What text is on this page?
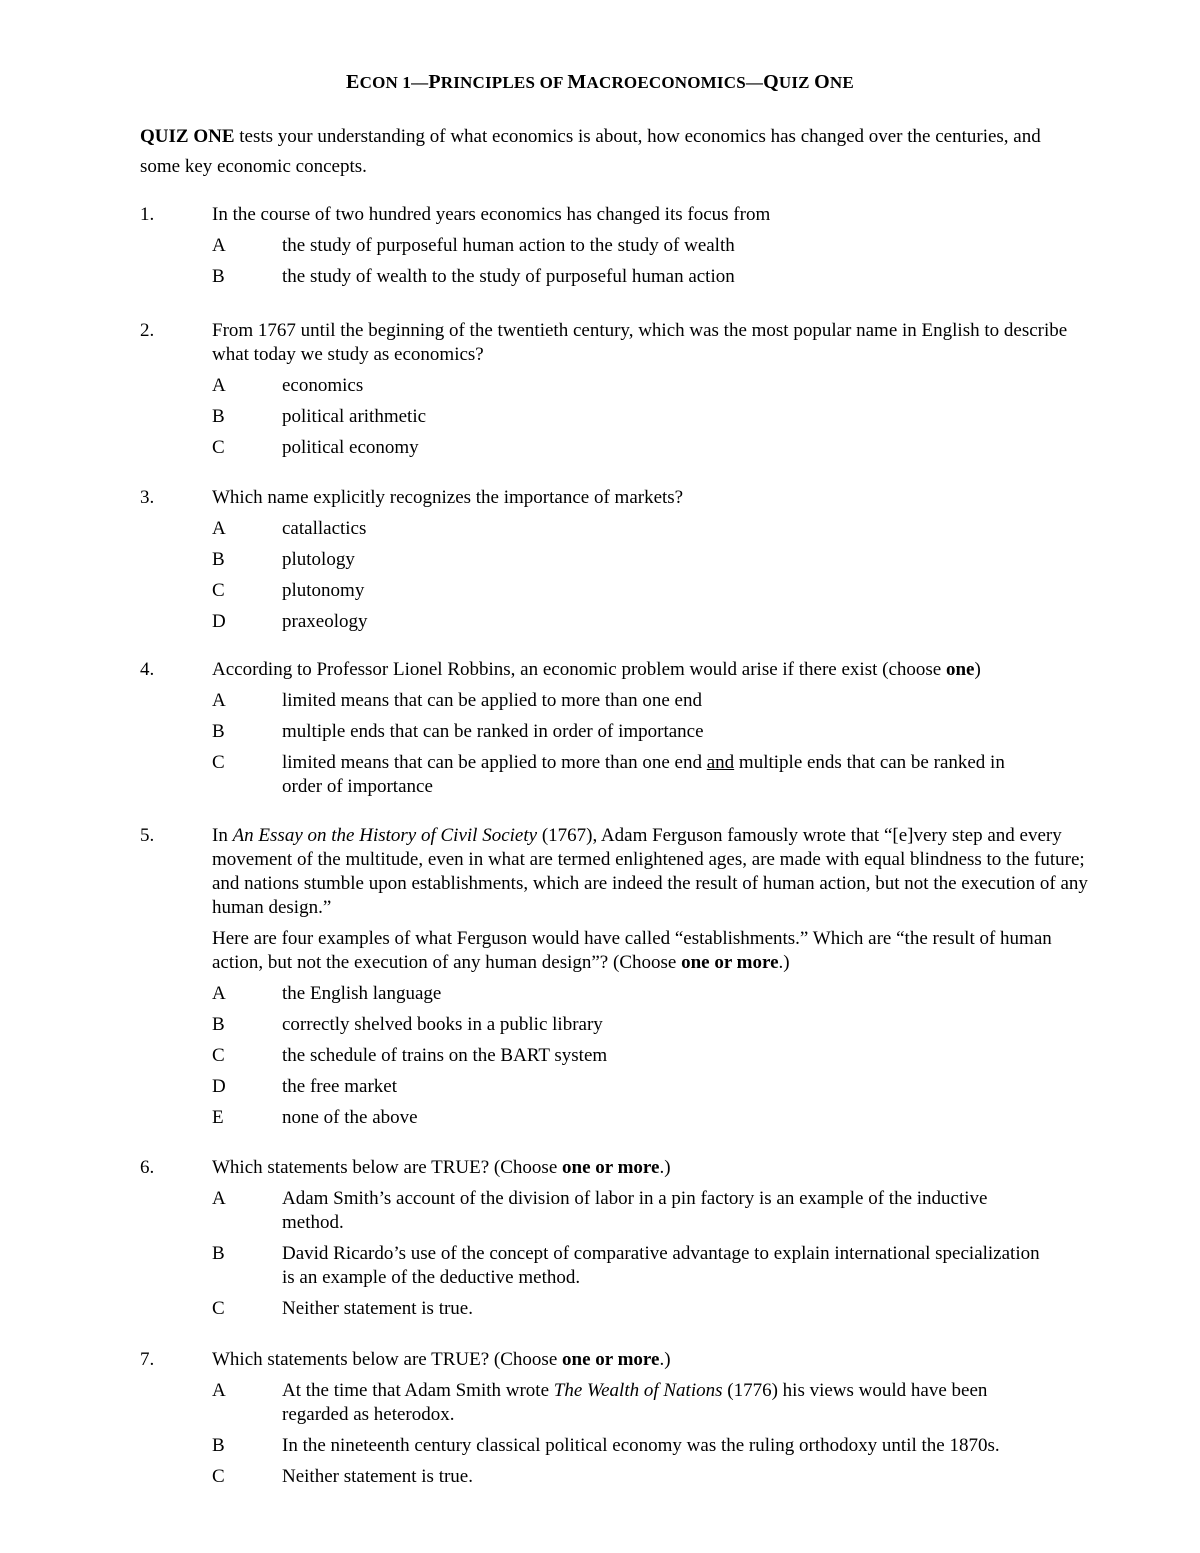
ECON 1—PRINCIPLES OF MACROECONOMICS—QUIZ ONE
QUIZ ONE tests your understanding of what economics is about, how economics has changed over the centuries, and some key economic concepts.
1.	In the course of two hundred years economics has changed its focus from
A	the study of purposeful human action to the study of wealth
B	the study of wealth to the study of purposeful human action
2.	From 1767 until the beginning of the twentieth century, which was the most popular name in English to describe what today we study as economics?
A	economics
B	political arithmetic
C	political economy
3.	Which name explicitly recognizes the importance of markets?
A	catallactics
B	plutology
C	plutonomy
D	praxeology
4.	According to Professor Lionel Robbins, an economic problem would arise if there exist (choose one)
A	limited means that can be applied to more than one end
B	multiple ends that can be ranked in order of importance
C	limited means that can be applied to more than one end and multiple ends that can be ranked in order of importance
5.	In An Essay on the History of Civil Society (1767), Adam Ferguson famously wrote that “[e]very step and every movement of the multitude, even in what are termed enlightened ages, are made with equal blindness to the future; and nations stumble upon establishments, which are indeed the result of human action, but not the execution of any human design.”
Here are four examples of what Ferguson would have called “establishments.” Which are “the result of human action, but not the execution of any human design”? (Choose one or more.)
A	the English language
B	correctly shelved books in a public library
C	the schedule of trains on the BART system
D	the free market
E	none of the above
6.	Which statements below are TRUE? (Choose one or more.)
A	Adam Smith’s account of the division of labor in a pin factory is an example of the inductive method.
B	David Ricardo’s use of the concept of comparative advantage to explain international specialization is an example of the deductive method.
C	Neither statement is true.
7.	Which statements below are TRUE? (Choose one or more.)
A	At the time that Adam Smith wrote The Wealth of Nations (1776) his views would have been regarded as heterodox.
B	In the nineteenth century classical political economy was the ruling orthodoxy until the 1870s.
C	Neither statement is true.
